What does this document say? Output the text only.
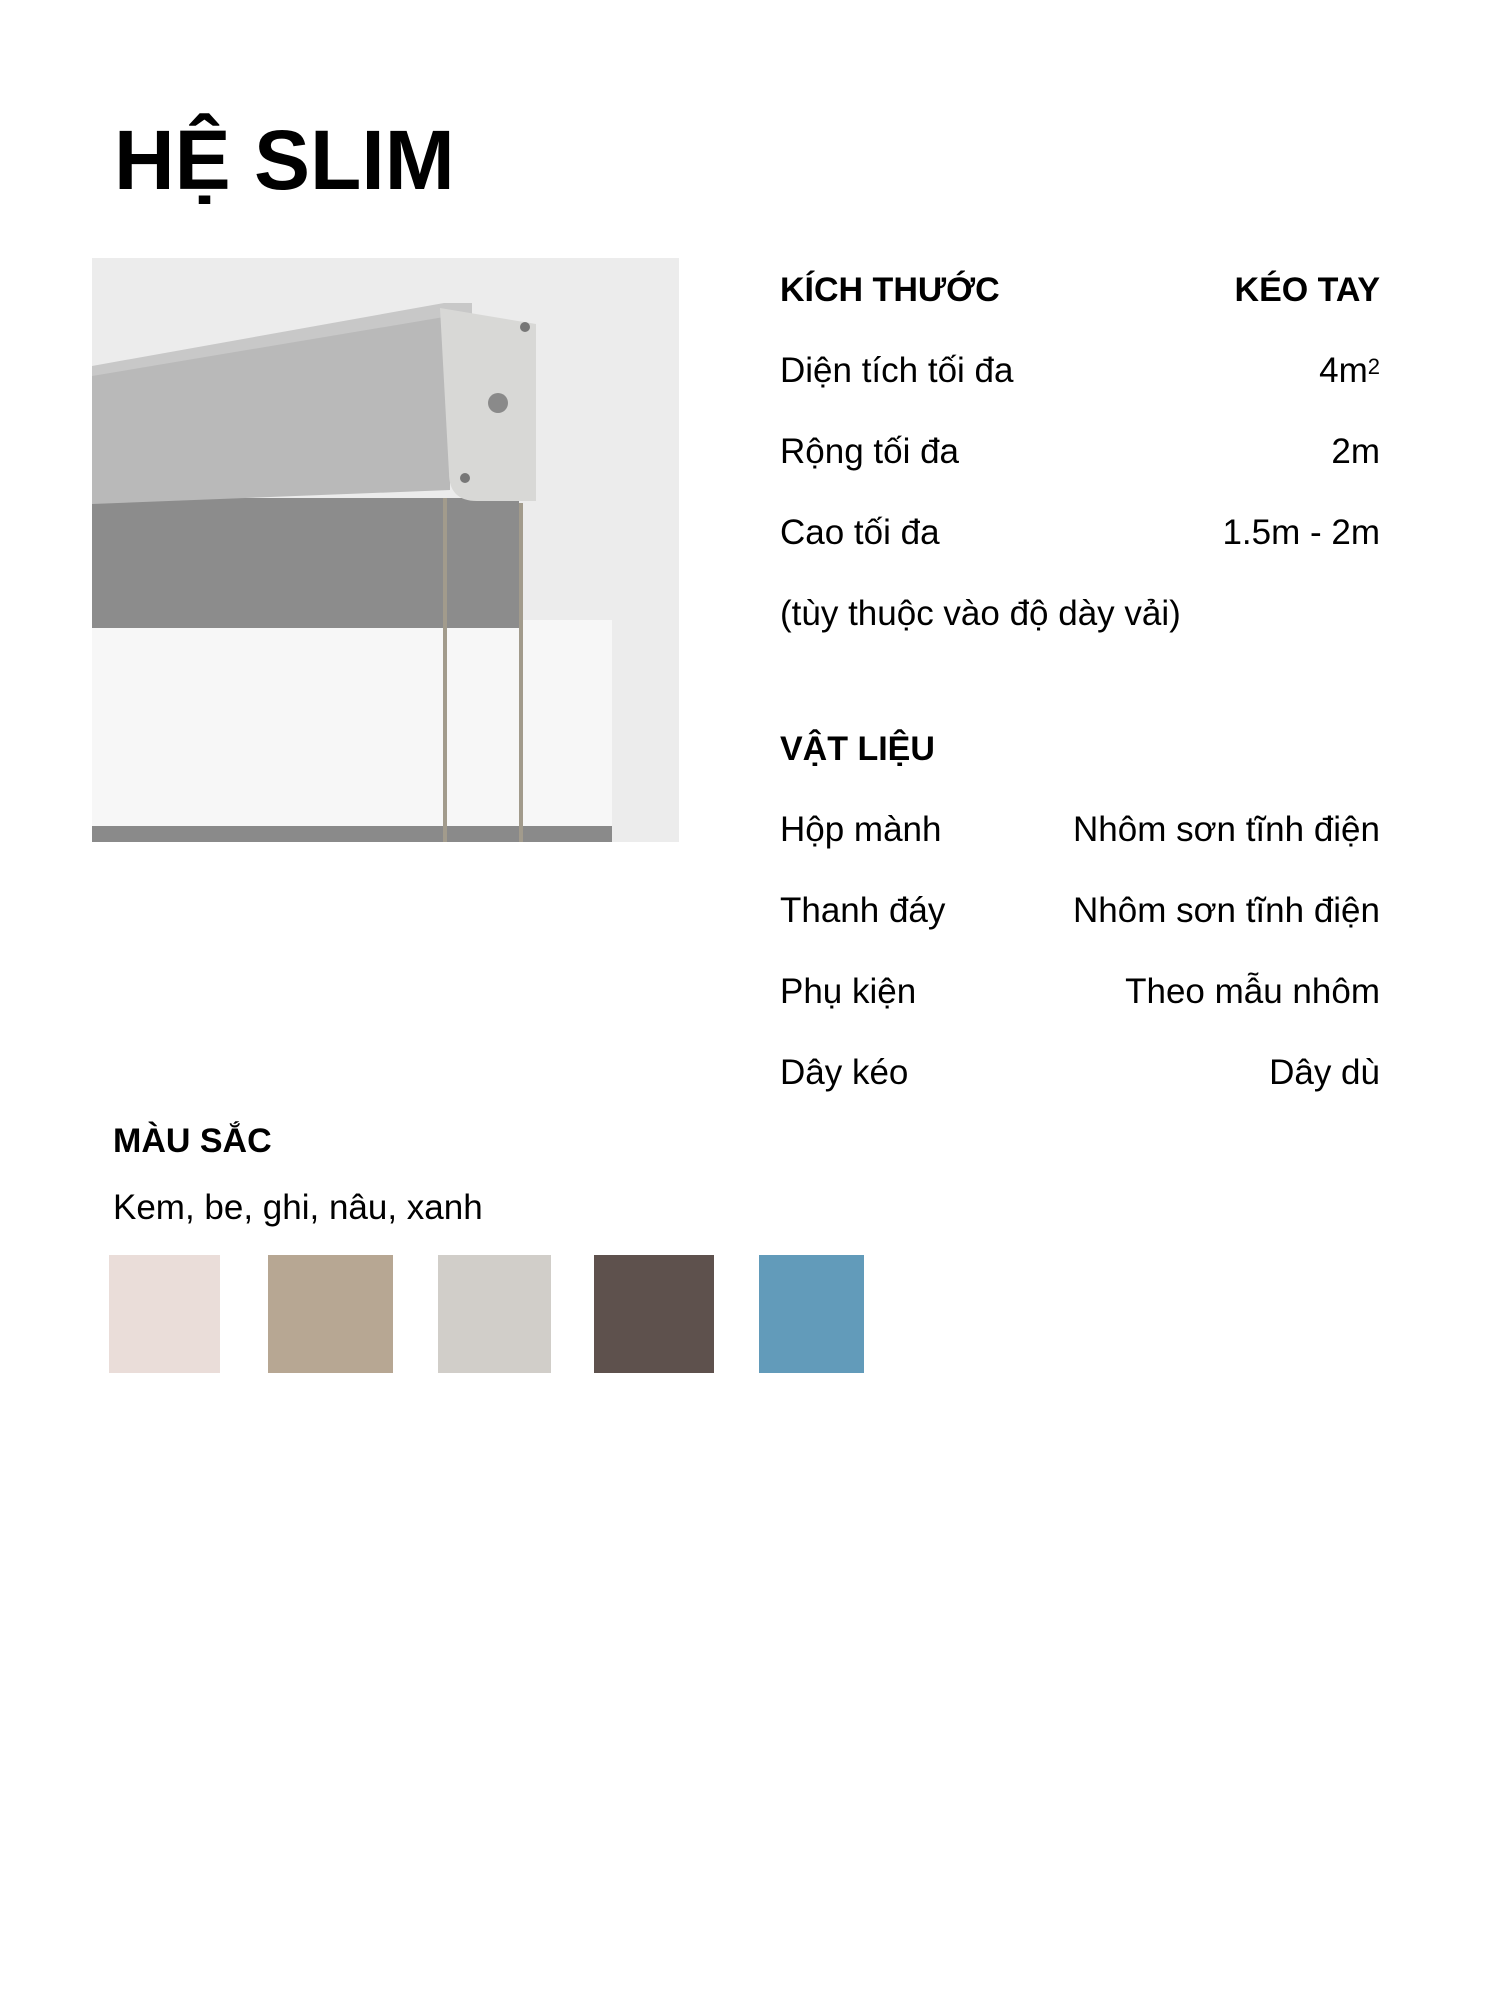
HỆ SLIM
KÍCH THƯỚC	KÉO TAY
Diện tích tối đa	$4m^2$
Rộng tối đa	2m
Cao tối đa	1.5m - 2m
(tùy thuộc vào độ dày vải)
VẬT LIỆU
Hộp mành	Nhôm sơn tĩnh điện
Thanh đáy	Nhôm sơn tĩnh điện
Phụ kiện	Theo mẫu nhôm
Dây kéo	Dây dù
MÀU SẮC
Kem, be, ghi, nâu, xanh
